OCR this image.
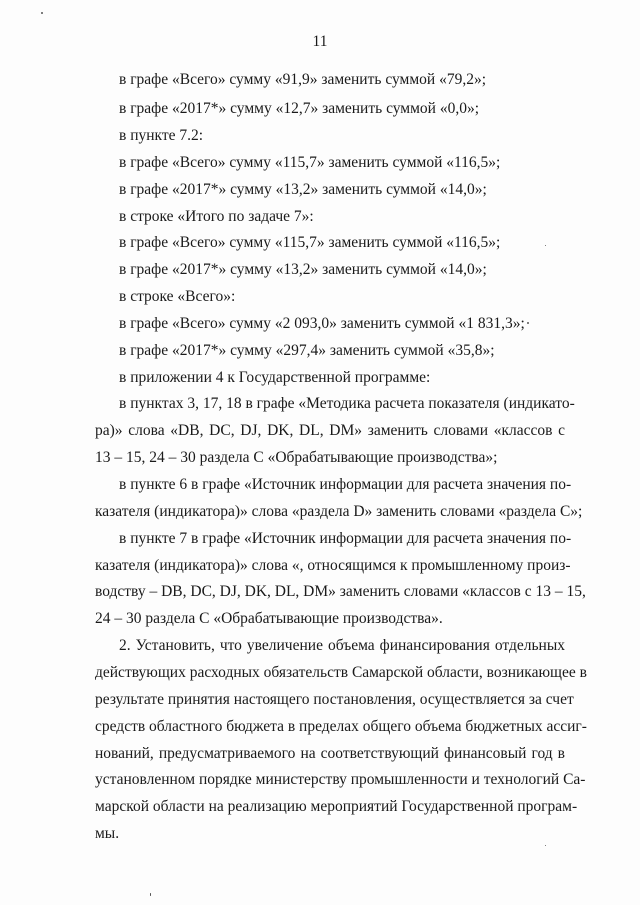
11
в графе «Всего» сумму «91,9» заменить суммой «79,2»;
в графе «2017*» сумму «12,7» заменить суммой «0,0»;
в пункте 7.2:
в графе «Всего» сумму «115,7» заменить суммой «116,5»;
в графе «2017*» сумму «13,2» заменить суммой «14,0»;
в строке «Итого по задаче 7»:
в графе «Всего» сумму «115,7» заменить суммой «116,5»;
в графе «2017*» сумму «13,2» заменить суммой «14,0»;
в строке «Всего»:
в графе «Всего» сумму «2 093,0» заменить суммой «1 831,3»;
в графе «2017*» сумму «297,4» заменить суммой «35,8»;
в приложении 4 к Государственной программе:
в пунктах 3, 17, 18 в графе «Методика расчета показателя (индикато-
ра)» слова «DB, DC, DJ, DK, DL, DM» заменить словами «классов с
13 – 15, 24 – 30 раздела С «Обрабатывающие производства»;
в пункте 6 в графе «Источник информации для расчета значения по-
казателя (индикатора)» слова «раздела D» заменить словами «раздела С»;
в пункте 7 в графе «Источник информации для расчета значения по-
казателя (индикатора)» слова «, относящимся к промышленному произ-
водству – DB, DC, DJ, DK, DL, DM» заменить словами «классов с 13 – 15,
24 – 30 раздела С «Обрабатывающие производства».
2. Установить, что увеличение объема финансирования отдельных
действующих расходных обязательств Самарской области, возникающее в
результате принятия настоящего постановления, осуществляется за счет
средств областного бюджета в пределах общего объема бюджетных ассиг-
нований, предусматриваемого на соответствующий финансовый год в
установленном порядке министерству промышленности и технологий Са-
марской области на реализацию мероприятий Государственной програм-
мы.
